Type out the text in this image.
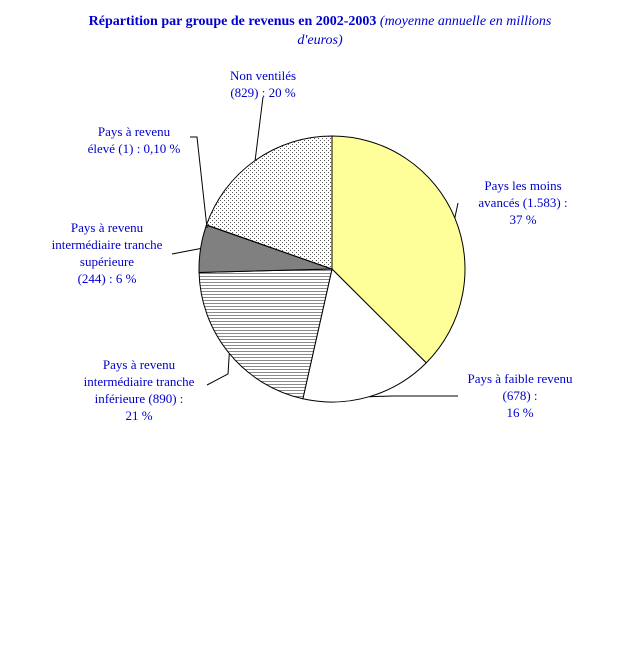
Répartition par groupe de revenus en 2002-2003 (moyenne annuelle en millions
d'euros)
Pays les moins
avancés (1.583) :
37 %
Pays à faible revenu
(678) :
16 %
Pays à revenu
intermédiaire tranche
inférieure (890) :
21 %
Pays à revenu
intermédiaire tranche
supérieure
(244) : 6 %
Pays à revenu
élevé (1) : 0,10 %
Non ventilés
(829) : 20 %
